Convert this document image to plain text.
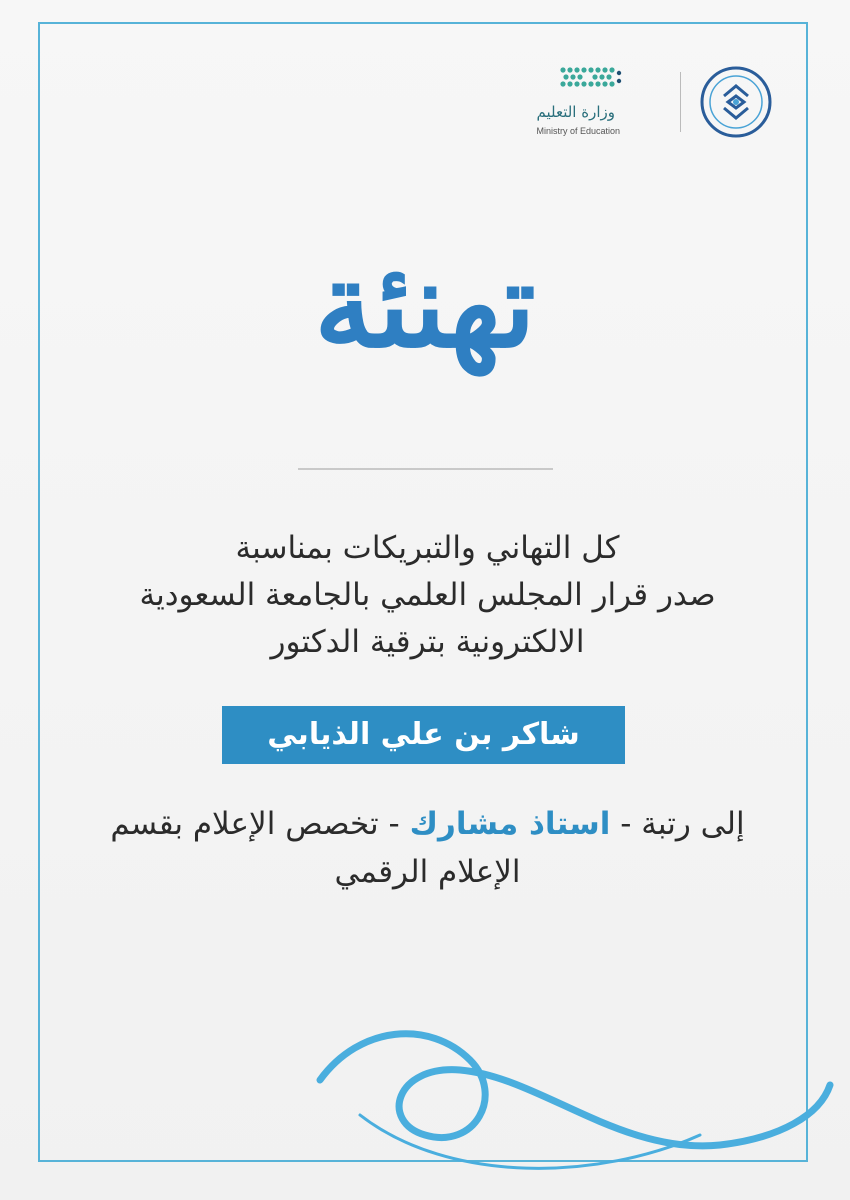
وزارة التعليم
Ministry of Education
تهنئة
كل التهاني والتبريكات بمناسبة
صدر قرار المجلس العلمي بالجامعة السعودية
الالكترونية بترقية الدكتور
شاكر بن علي الذيابي
إلى رتبة - استاذ مشارك - تخصص الإعلام بقسم
الإعلام الرقمي
